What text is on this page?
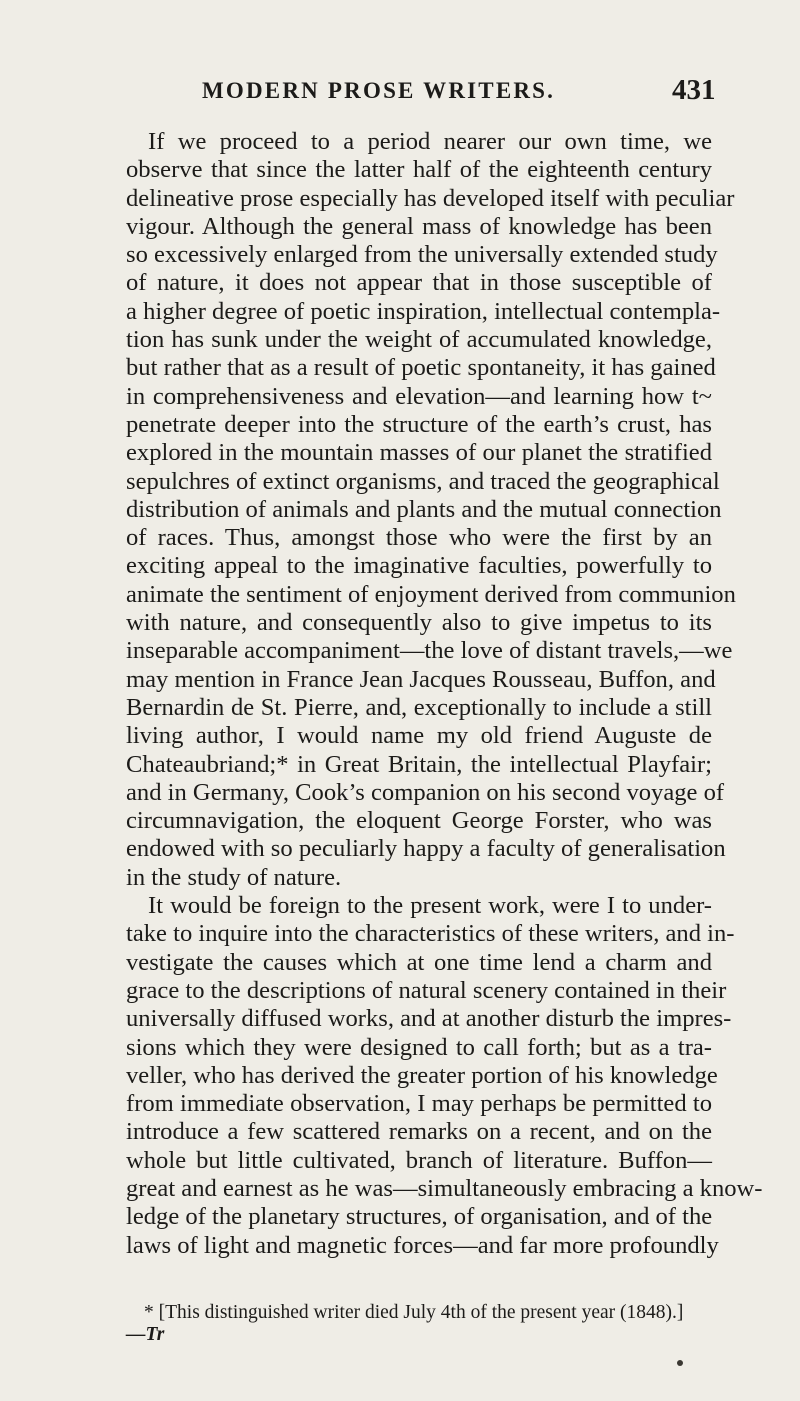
MODERN PROSE WRITERS.	431
If we proceed to a period nearer our own time, we
observe that since the latter half of the eighteenth century
delineative prose especially has developed itself with peculiar
vigour. Although the general mass of knowledge has been
so excessively enlarged from the universally extended study
of nature, it does not appear that in those susceptible of
a higher degree of poetic inspiration, intellectual contempla-
tion has sunk under the weight of accumulated knowledge,
but rather that as a result of poetic spontaneity, it has gained
in comprehensiveness and elevation—and learning how t~
penetrate deeper into the structure of the earth’s crust, has
explored in the mountain masses of our planet the stratified
sepulchres of extinct organisms, and traced the geographical
distribution of animals and plants and the mutual connection
of races. Thus, amongst those who were the first by an
exciting appeal to the imaginative faculties, powerfully to
animate the sentiment of enjoyment derived from communion
with nature, and consequently also to give impetus to its
inseparable accompaniment—the love of distant travels,—we
may mention in France Jean Jacques Rousseau, Buffon, and
Bernardin de St. Pierre, and, exceptionally to include a still
living author, I would name my old friend Auguste de
Chateaubriand;* in Great Britain, the intellectual Playfair;
and in Germany, Cook’s companion on his second voyage of
circumnavigation, the eloquent George Forster, who was
endowed with so peculiarly happy a faculty of generalisation
in the study of nature.
It would be foreign to the present work, were I to under-
take to inquire into the characteristics of these writers, and in-
vestigate the causes which at one time lend a charm and
grace to the descriptions of natural scenery contained in their
universally diffused works, and at another disturb the impres-
sions which they were designed to call forth; but as a tra-
veller, who has derived the greater portion of his knowledge
from immediate observation, I may perhaps be permitted to
introduce a few scattered remarks on a recent, and on the
whole but little cultivated, branch of literature. Buffon—
great and earnest as he was—simultaneously embracing a know-
ledge of the planetary structures, of organisation, and of the
laws of light and magnetic forces—and far more profoundly
* [This distinguished writer died July 4th of the present year (1848).]
—Tr
